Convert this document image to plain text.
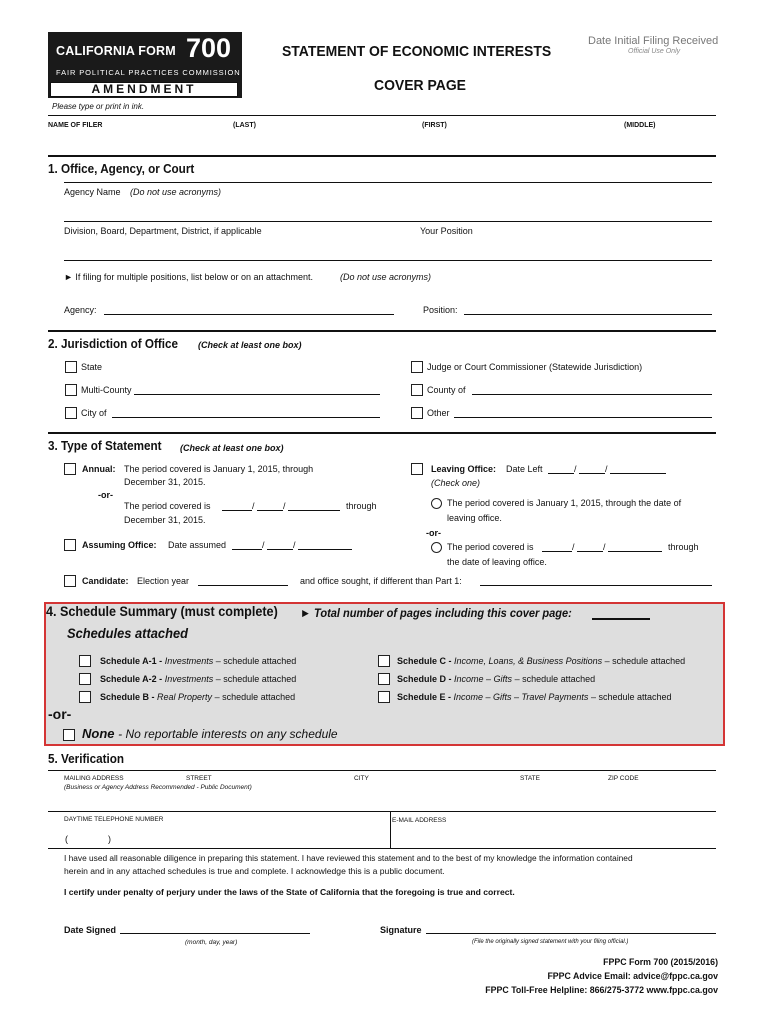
CALIFORNIA FORM 700
FAIR POLITICAL PRACTICES COMMISSION
AMENDMENT
STATEMENT OF ECONOMIC INTERESTS
COVER PAGE
Date Initial Filing Received
Official Use Only
Please type or print in ink.
NAME OF FILER	(LAST)	(FIRST)	(MIDDLE)
1. Office, Agency, or Court
Agency Name (Do not use acronyms)
Division, Board, Department, District, if applicable	Your Position
► If filing for multiple positions, list below or on an attachment.	(Do not use acronyms)
Agency:	Position:
2. Jurisdiction of Office (Check at least one box)
State
Multi-County
City of
Judge or Court Commissioner (Statewide Jurisdiction)
County of
Other
3. Type of Statement (Check at least one box)
Annual: The period covered is January 1, 2015, through
December 31, 2015.
-or-
The period covered is	/	/	through
December 31, 2015.
Assuming Office: Date assumed	/	/
Candidate: Election year	and office sought, if different than Part 1:
Leaving Office: Date Left	/	/
(Check one)
The period covered is January 1, 2015, through the date of
leaving office.
-or-
The period covered is	/	/	through
the date of leaving office.
4. Schedule Summary (must complete) ► Total number of pages including this cover page:
Schedules attached
Schedule A-1 - Investments – schedule attached
Schedule A-2 - Investments – schedule attached
Schedule B - Real Property – schedule attached
Schedule C - Income, Loans, & Business Positions – schedule attached
Schedule D - Income – Gifts – schedule attached
Schedule E - Income – Gifts – Travel Payments – schedule attached
-or-
None - No reportable interests on any schedule
5. Verification
MAILING ADDRESS	STREET	CITY	STATE	ZIP CODE
(Business or Agency Address Recommended - Public Document)
DAYTIME TELEPHONE NUMBER	E-MAIL ADDRESS
(	)
I have used all reasonable diligence in preparing this statement. I have reviewed this statement and to the best of my knowledge the information contained
herein and in any attached schedules is true and complete. I acknowledge this is a public document.
I certify under penalty of perjury under the laws of the State of California that the foregoing is true and correct.
Date Signed
(month, day, year)
Signature
(File the originally signed statement with your filing official.)
FPPC Form 700 (2015/2016)
FPPC Advice Email: advice@fppc.ca.gov
FPPC Toll-Free Helpline: 866/275-3772 www.fppc.ca.gov
